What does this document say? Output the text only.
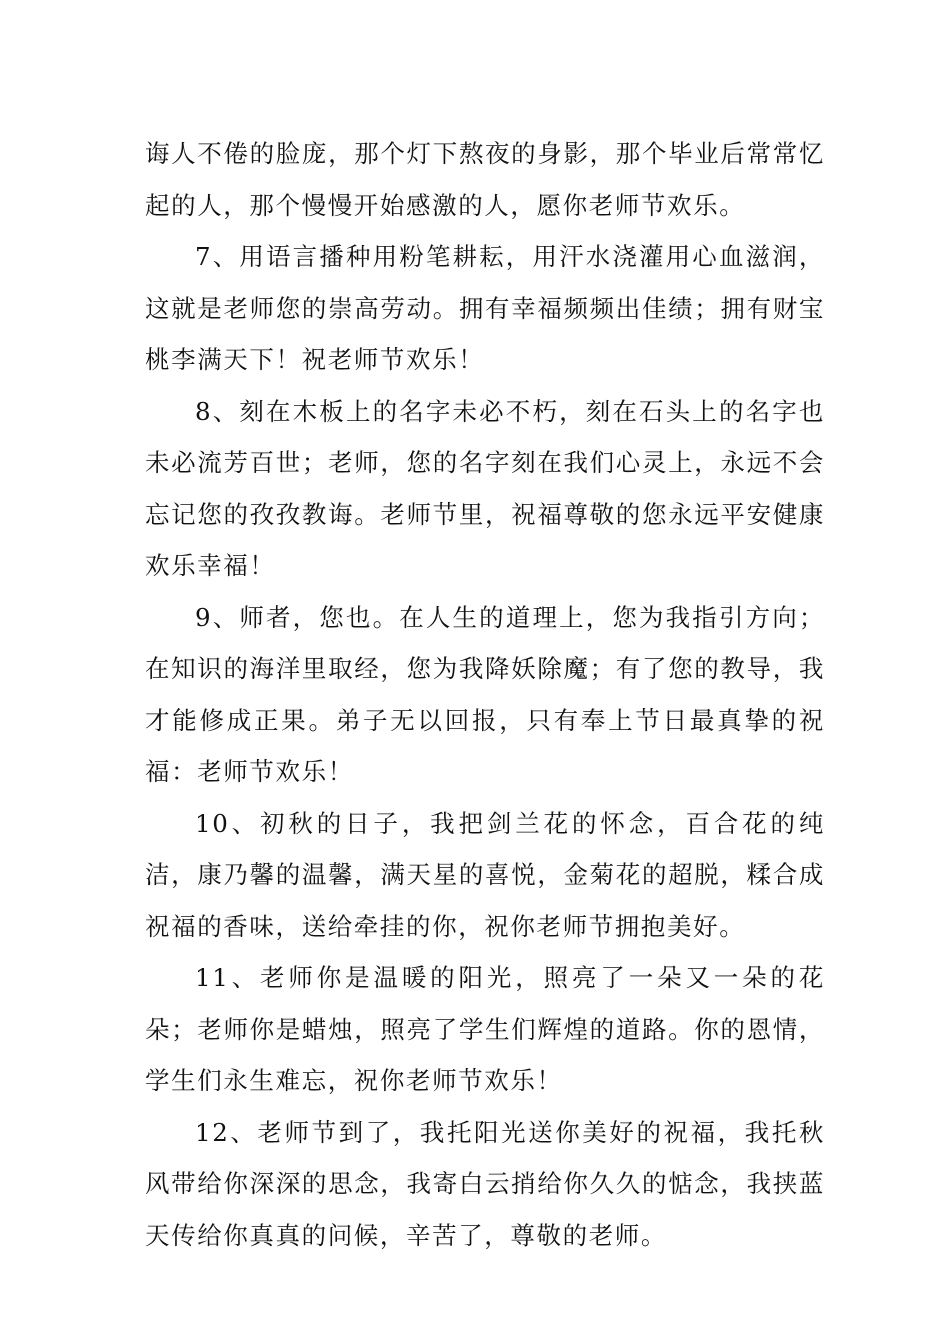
诲人不倦的脸庞，那个灯下熬夜的身影，那个毕业后常常忆起的人，那个慢慢开始感激的人，愿你老师节欢乐。

7、用语言播种用粉笔耕耘，用汗水浇灌用心血滋润，这就是老师您的崇高劳动。拥有幸福频频出佳绩；拥有财宝桃李满天下！祝老师节欢乐！

8、刻在木板上的名字未必不朽，刻在石头上的名字也未必流芳百世；老师，您的名字刻在我们心灵上，永远不会忘记您的孜孜教诲。老师节里，祝福尊敬的您永远平安健康欢乐幸福！

9、师者，您也。在人生的道理上，您为我指引方向；在知识的海洋里取经，您为我降妖除魔；有了您的教导，我才能修成正果。弟子无以回报，只有奉上节日最真挚的祝福：老师节欢乐！

10、初秋的日子，我把剑兰花的怀念，百合花的纯洁，康乃馨的温馨，满天星的喜悦，金菊花的超脱，糅合成祝福的香味，送给牵挂的你，祝你老师节拥抱美好。

11、老师你是温暖的阳光，照亮了一朵又一朵的花朵；老师你是蜡烛，照亮了学生们辉煌的道路。你的恩情，学生们永生难忘，祝你老师节欢乐！

12、老师节到了，我托阳光送你美好的祝福，我托秋风带给你深深的思念，我寄白云捎给你久久的惦念，我挟蓝天传给你真真的问候，辛苦了，尊敬的老师。
